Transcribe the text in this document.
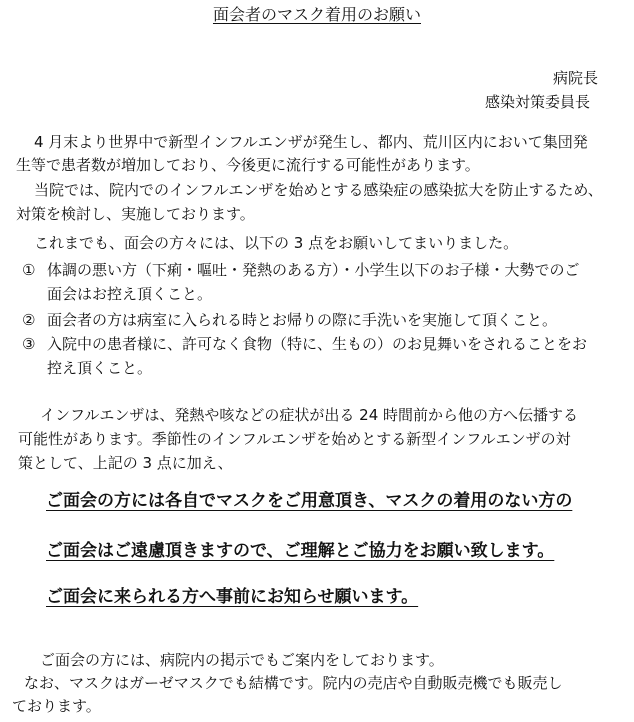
面会者のマスク着用のお願い
病院長
感染対策委員長
4 月末より世界中で新型インフルエンザが発生し、都内、荒川区内において集団発
生等で患者数が増加しており、今後更に流行する可能性があります。
当院では、院内でのインフルエンザを始めとする感染症の感染拡大を防止するため、
対策を検討し、実施しております。
これまでも、面会の方々には、以下の 3 点をお願いしてまいりました。
① 体調の悪い方（下痢・嘔吐・発熱のある方）・小学生以下のお子様・大勢でのご
面会はお控え頂くこと。
② 面会者の方は病室に入られる時とお帰りの際に手洗いを実施して頂くこと。
③ 入院中の患者様に、許可なく食物（特に、生もの）のお見舞いをされることをお
控え頂くこと。
インフルエンザは、発熱や咳などの症状が出る 24 時間前から他の方へ伝播する
可能性があります。季節性のインフルエンザを始めとする新型インフルエンザの対
策として、上記の 3 点に加え、
ご面会の方には各自でマスクをご用意頂き、マスクの着用のない方の
ご面会はご遠慮頂きますので、ご理解とご協力をお願い致します。
ご面会に来られる方へ事前にお知らせ願います。
ご面会の方には、病院内の掲示でもご案内をしております。
なお、マスクはガーゼマスクでも結構です。院内の売店や自動販売機でも販売し
ております。
